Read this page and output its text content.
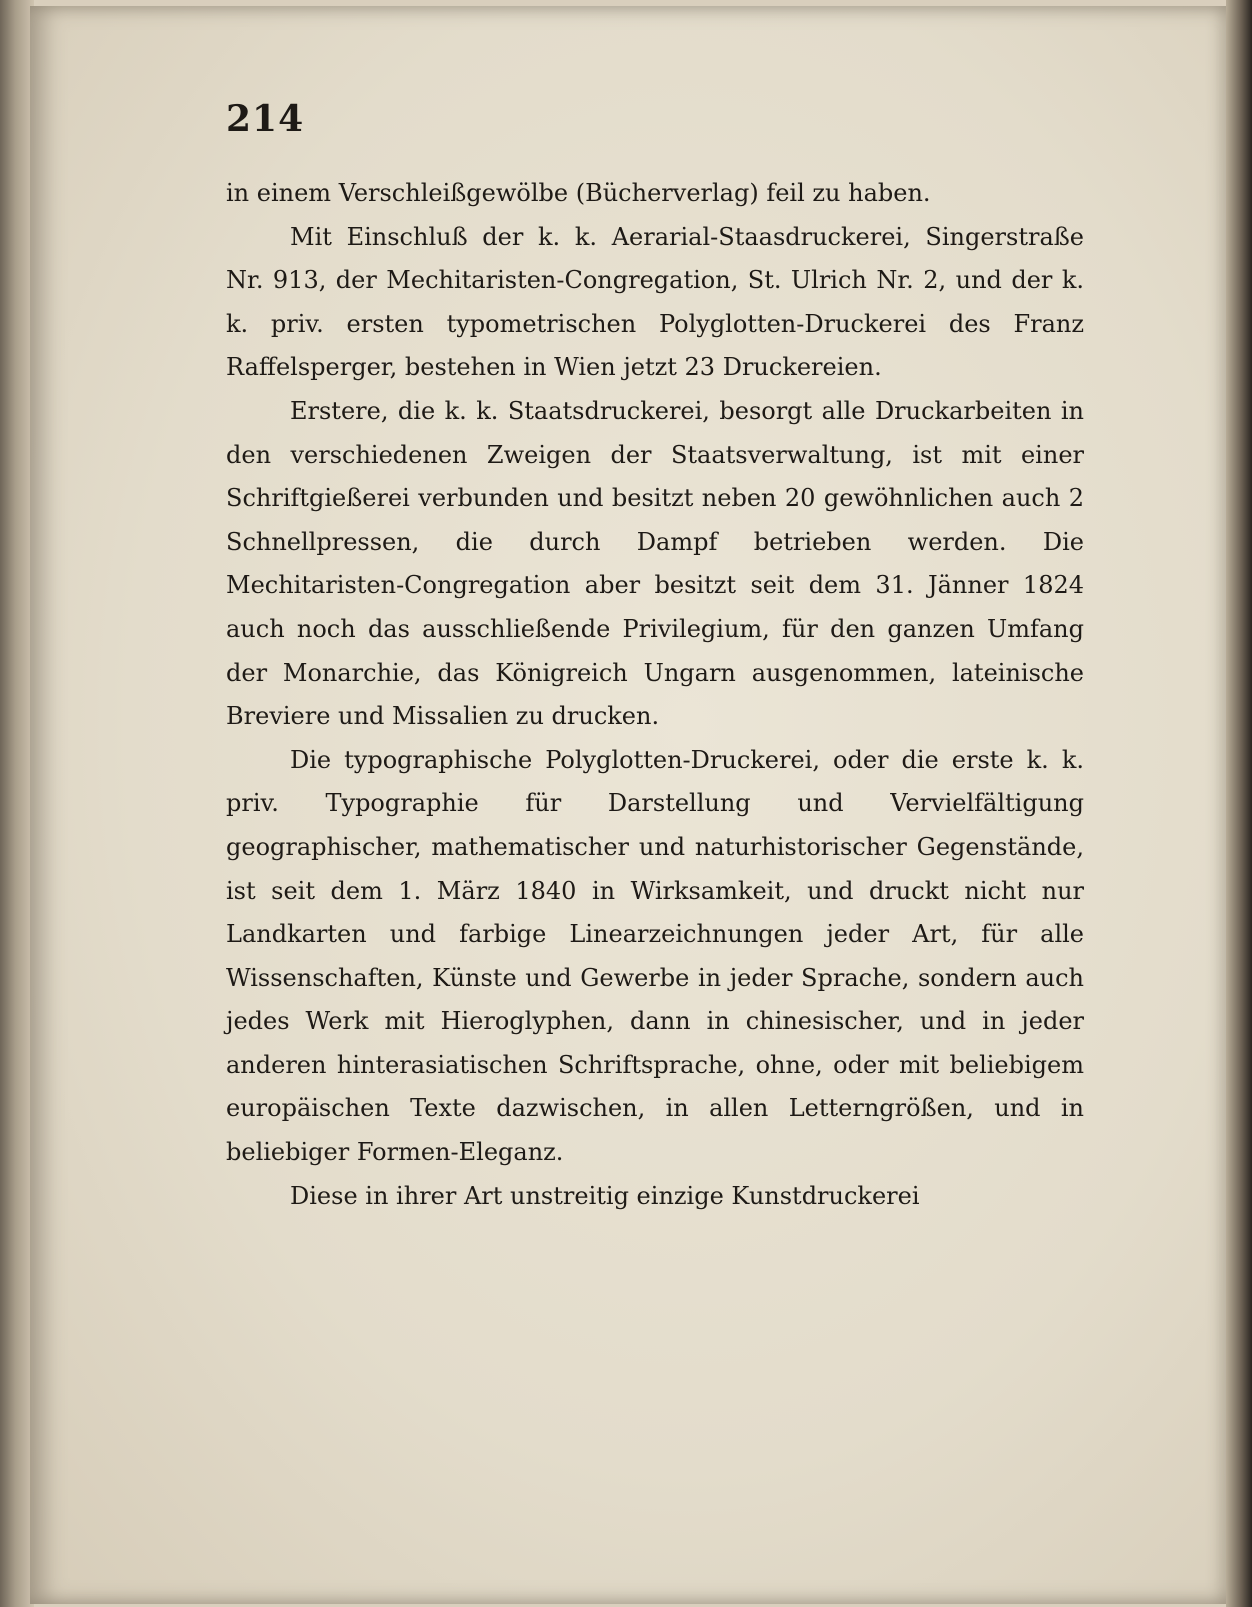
214

in einem Verschleißgewölbe (Bücherverlag) feil zu haben.

Mit Einschluß der k. k. Aerarial-Staasdruckerei, Singerstraße Nr. 913, der Mechitaristen-Congregation, St. Ulrich Nr. 2, und der k. k. priv. ersten typometrischen Polyglotten-Druckerei des Franz Raffelsperger, bestehen in Wien jetzt 23 Druckereien.

Erstere, die k. k. Staatsdruckerei, besorgt alle Druckarbeiten in den verschiedenen Zweigen der Staatsverwaltung, ist mit einer Schriftgießerei verbunden und besitzt neben 20 gewöhnlichen auch 2 Schnellpressen, die durch Dampf betrieben werden. Die Mechitaristen-Congregation aber besitzt seit dem 31. Jänner 1824 auch noch das ausschließende Privilegium, für den ganzen Umfang der Monarchie, das Königreich Ungarn ausgenommen, lateinische Breviere und Missalien zu drucken.

Die typographische Polyglotten-Druckerei, oder die erste k. k. priv. Typographie für Darstellung und Vervielfältigung geographischer, mathematischer und naturhistorischer Gegenstände, ist seit dem 1. März 1840 in Wirksamkeit, und druckt nicht nur Landkarten und farbige Linearzeichnungen jeder Art, für alle Wissenschaften, Künste und Gewerbe in jeder Sprache, sondern auch jedes Werk mit Hieroglyphen, dann in chinesischer, und in jeder anderen hinterasiatischen Schriftsprache, ohne, oder mit beliebigem europäischen Texte dazwischen, in allen Letterngrößen, und in beliebiger Formen-Eleganz.

Diese in ihrer Art unstreitig einzige Kunstdruckerei
